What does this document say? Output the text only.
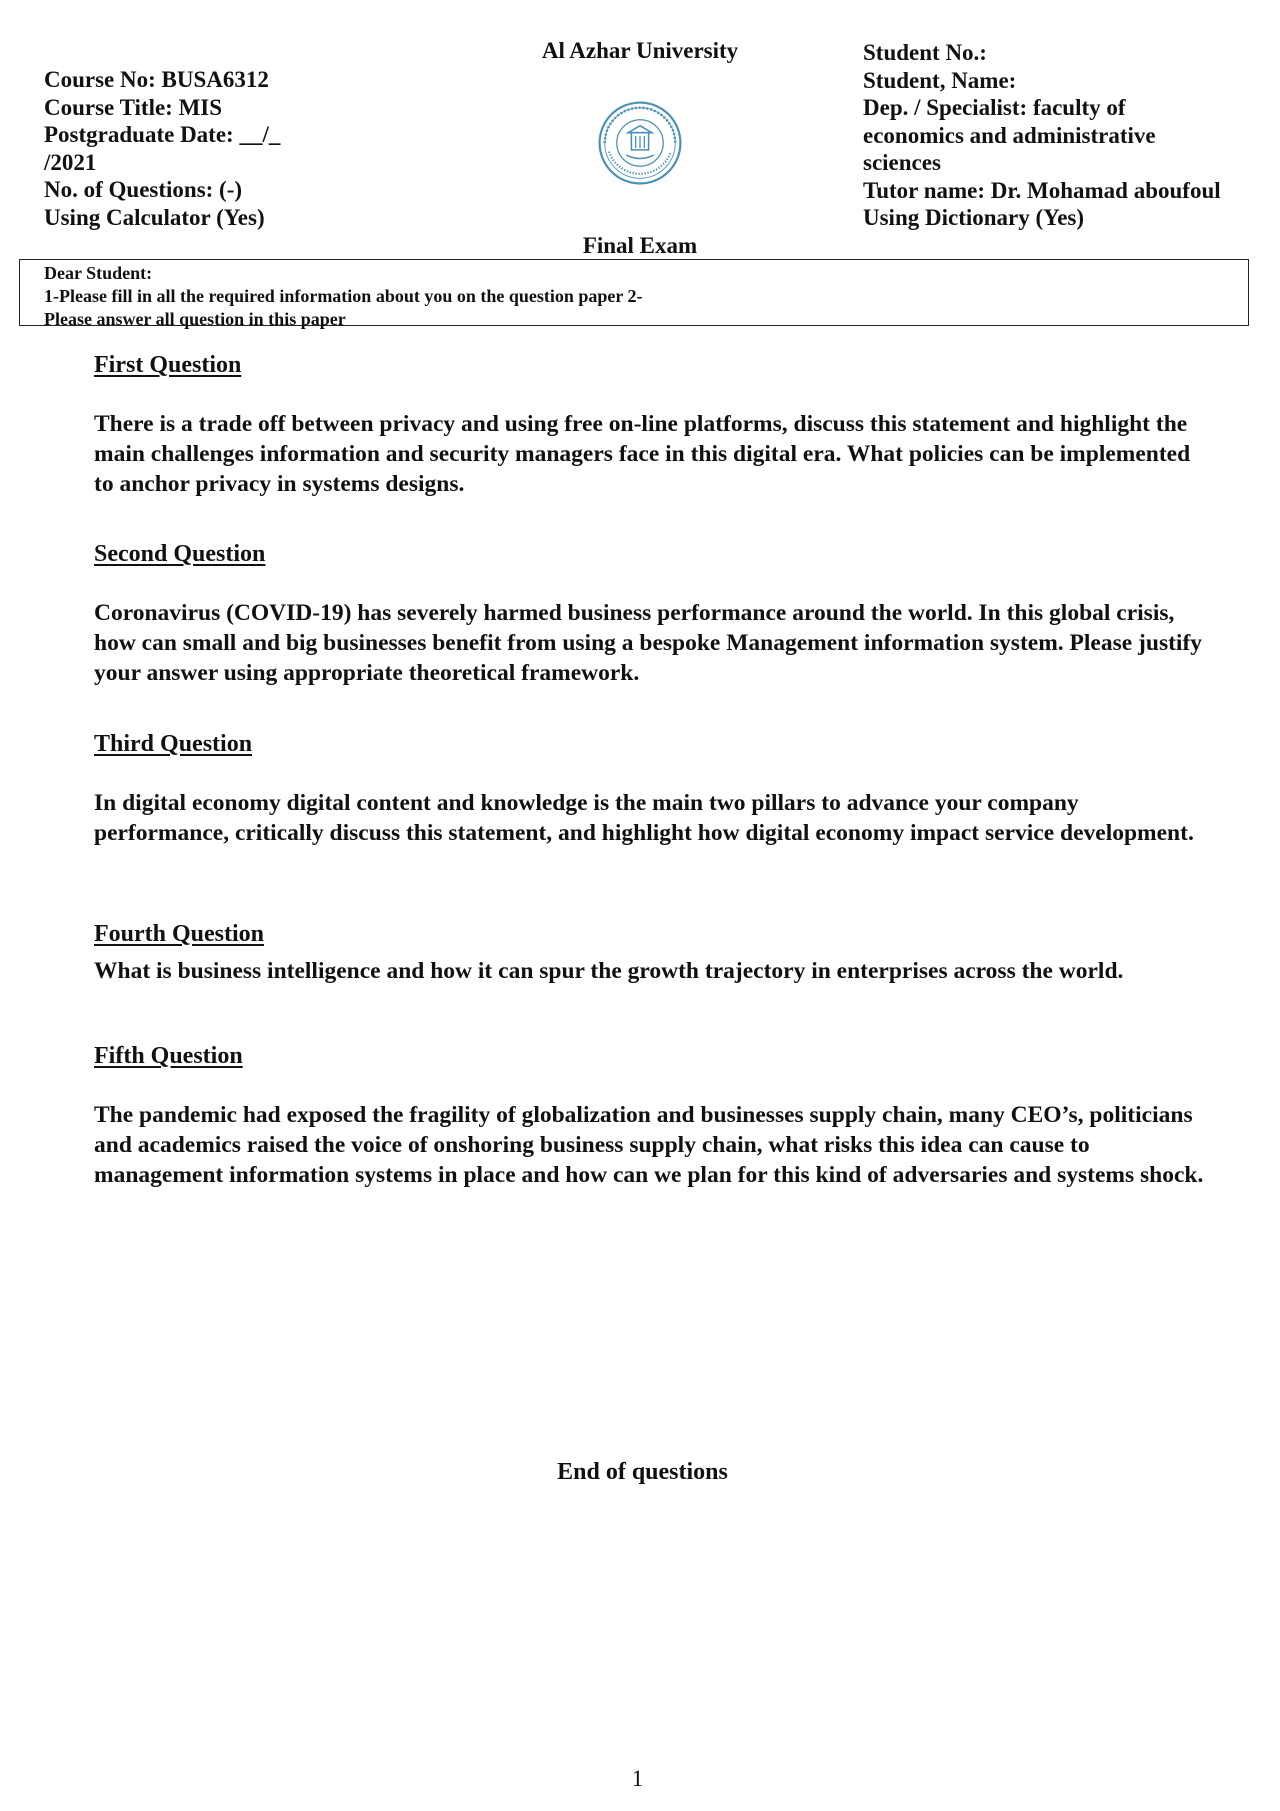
Course No: BUSA6312
Course Title: MIS
Postgraduate Date: __/_ /2021
No. of Questions: (-)
Using Calculator (Yes)
Al Azhar University
Final Exam
Student No.:
Student, Name:
Dep. / Specialist: faculty of economics and administrative sciences
Tutor name: Dr. Mohamad aboufoul Using Dictionary (Yes)
Dear Student:
1-Please fill in all the required information about you on the question paper 2-Please answer all question in this paper
First Question
There is a trade off between privacy and using free on-line platforms, discuss this statement and highlight the main challenges information and security managers face in this digital era. What policies can be implemented to anchor privacy in systems designs.
Second Question
Coronavirus (COVID-19) has severely harmed business performance around the world. In this global crisis, how can small and big businesses benefit from using a bespoke Management information system. Please justify your answer using appropriate theoretical framework.
Third Question
In digital economy digital content and knowledge is the main two pillars to advance your company performance, critically discuss this statement, and highlight how digital economy impact service development.
Fourth Question
What is business intelligence and how it can spur the growth trajectory in enterprises across the world.
Fifth Question
The pandemic had exposed the fragility of globalization and businesses supply chain, many CEO’s, politicians and academics raised the voice of onshoring business supply chain, what risks this idea can cause to management information systems in place and how can we plan for this kind of adversaries and systems shock.
End of questions
1
